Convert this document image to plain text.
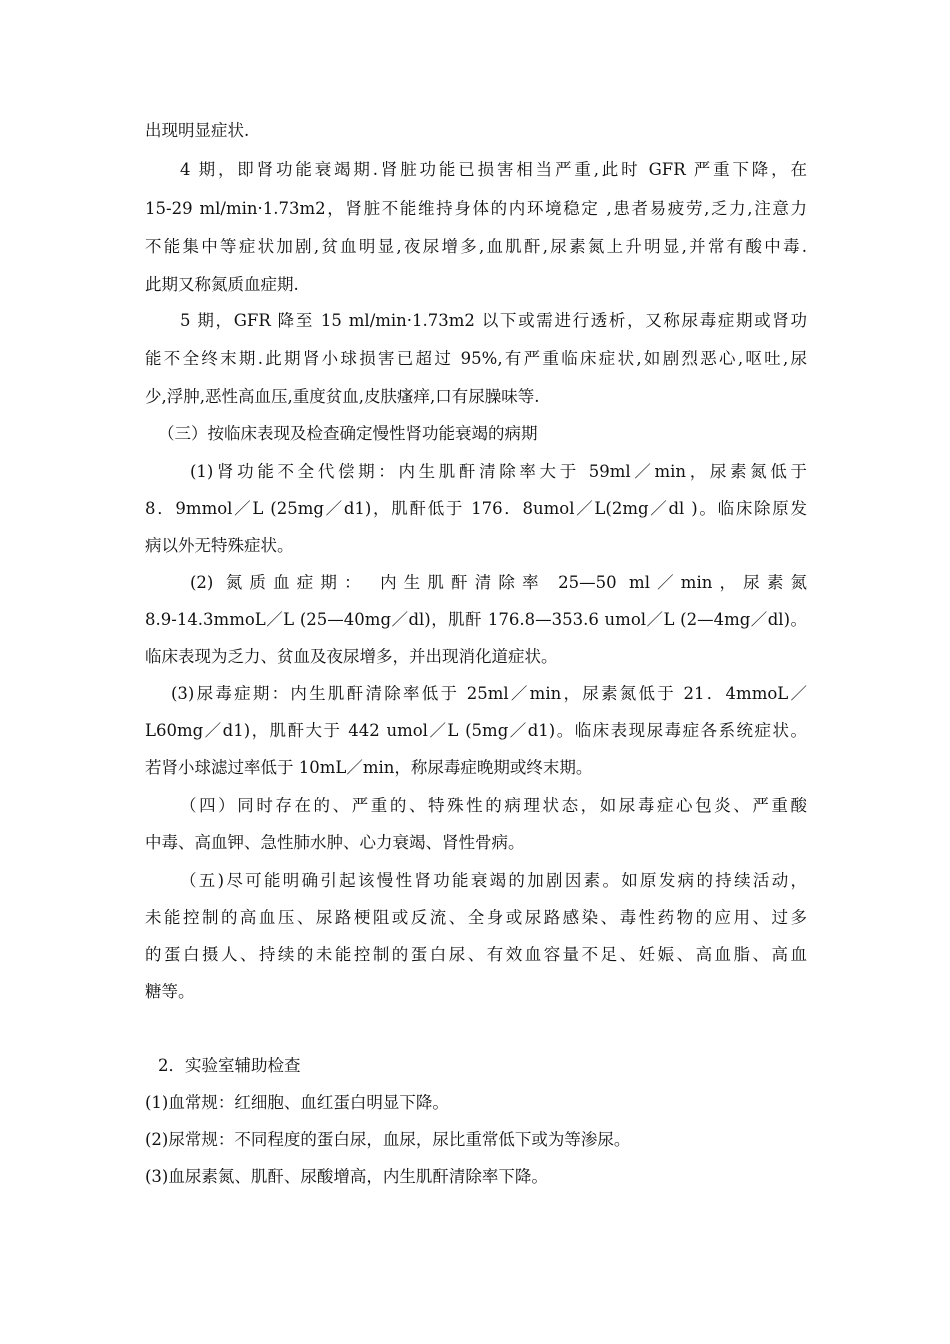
出现明显症状.
4 期，即肾功能衰竭期.肾脏功能已损害相当严重,此时 GFR 严重下降，在
15-29 ml/min·1.73m2，肾脏不能维持身体的内环境稳定 ,患者易疲劳,乏力,注意力
不能集中等症状加剧,贫血明显,夜尿增多,血肌酐,尿素氮上升明显,并常有酸中毒.
此期又称氮质血症期.
5 期，GFR 降至 15 ml/min·1.73m2 以下或需进行透析，又称尿毒症期或肾功
能不全终末期.此期肾小球损害已超过 95%,有严重临床症状,如剧烈恶心,呕吐,尿
少,浮肿,恶性高血压,重度贫血,皮肤瘙痒,口有尿臊味等.
（三）按临床表现及检查确定慢性肾功能衰竭的病期
(1)肾功能不全代偿期：内生肌酐清除率大于 59ml／min，尿素氮低于
8．9mmol／L (25mg／d1)，肌酐低于 176．8umol／L(2mg／dl )。临床除原发
病以外无特殊症状。
(2) 氮质血症期： 内生肌酐清除率 25—50 ml／min，尿素氮
8.9-14.3mmoL／L (25—40mg／dl)，肌酐 176.8—353.6 umol／L (2—4mg／dl)。
临床表现为乏力、贫血及夜尿增多，并出现消化道症状。
(3)尿毒症期：内生肌酐清除率低于 25ml／min，尿素氮低于 21．4mmoL／
L60mg／d1)，肌酐大于 442 umol／L (5mg／d1)。临床表现尿毒症各系统症状。
若肾小球滤过率低于 10mL／min，称尿毒症晚期或终末期。
（四）同时存在的、严重的、特殊性的病理状态，如尿毒症心包炎、严重酸
中毒、高血钾、急性肺水肿、心力衰竭、肾性骨病。
（五)尽可能明确引起该慢性肾功能衰竭的加剧因素。如原发病的持续活动，
未能控制的高血压、尿路梗阻或反流、全身或尿路感染、毒性药物的应用、过多
的蛋白摄人、持续的未能控制的蛋白尿、有效血容量不足、妊娠、高血脂、高血
糖等。
2．实验室辅助检查
(1)血常规：红细胞、血红蛋白明显下降。
(2)尿常规：不同程度的蛋白尿，血尿，尿比重常低下或为等渗尿。
(3)血尿素氮、肌酐、尿酸增高，内生肌酐清除率下降。
